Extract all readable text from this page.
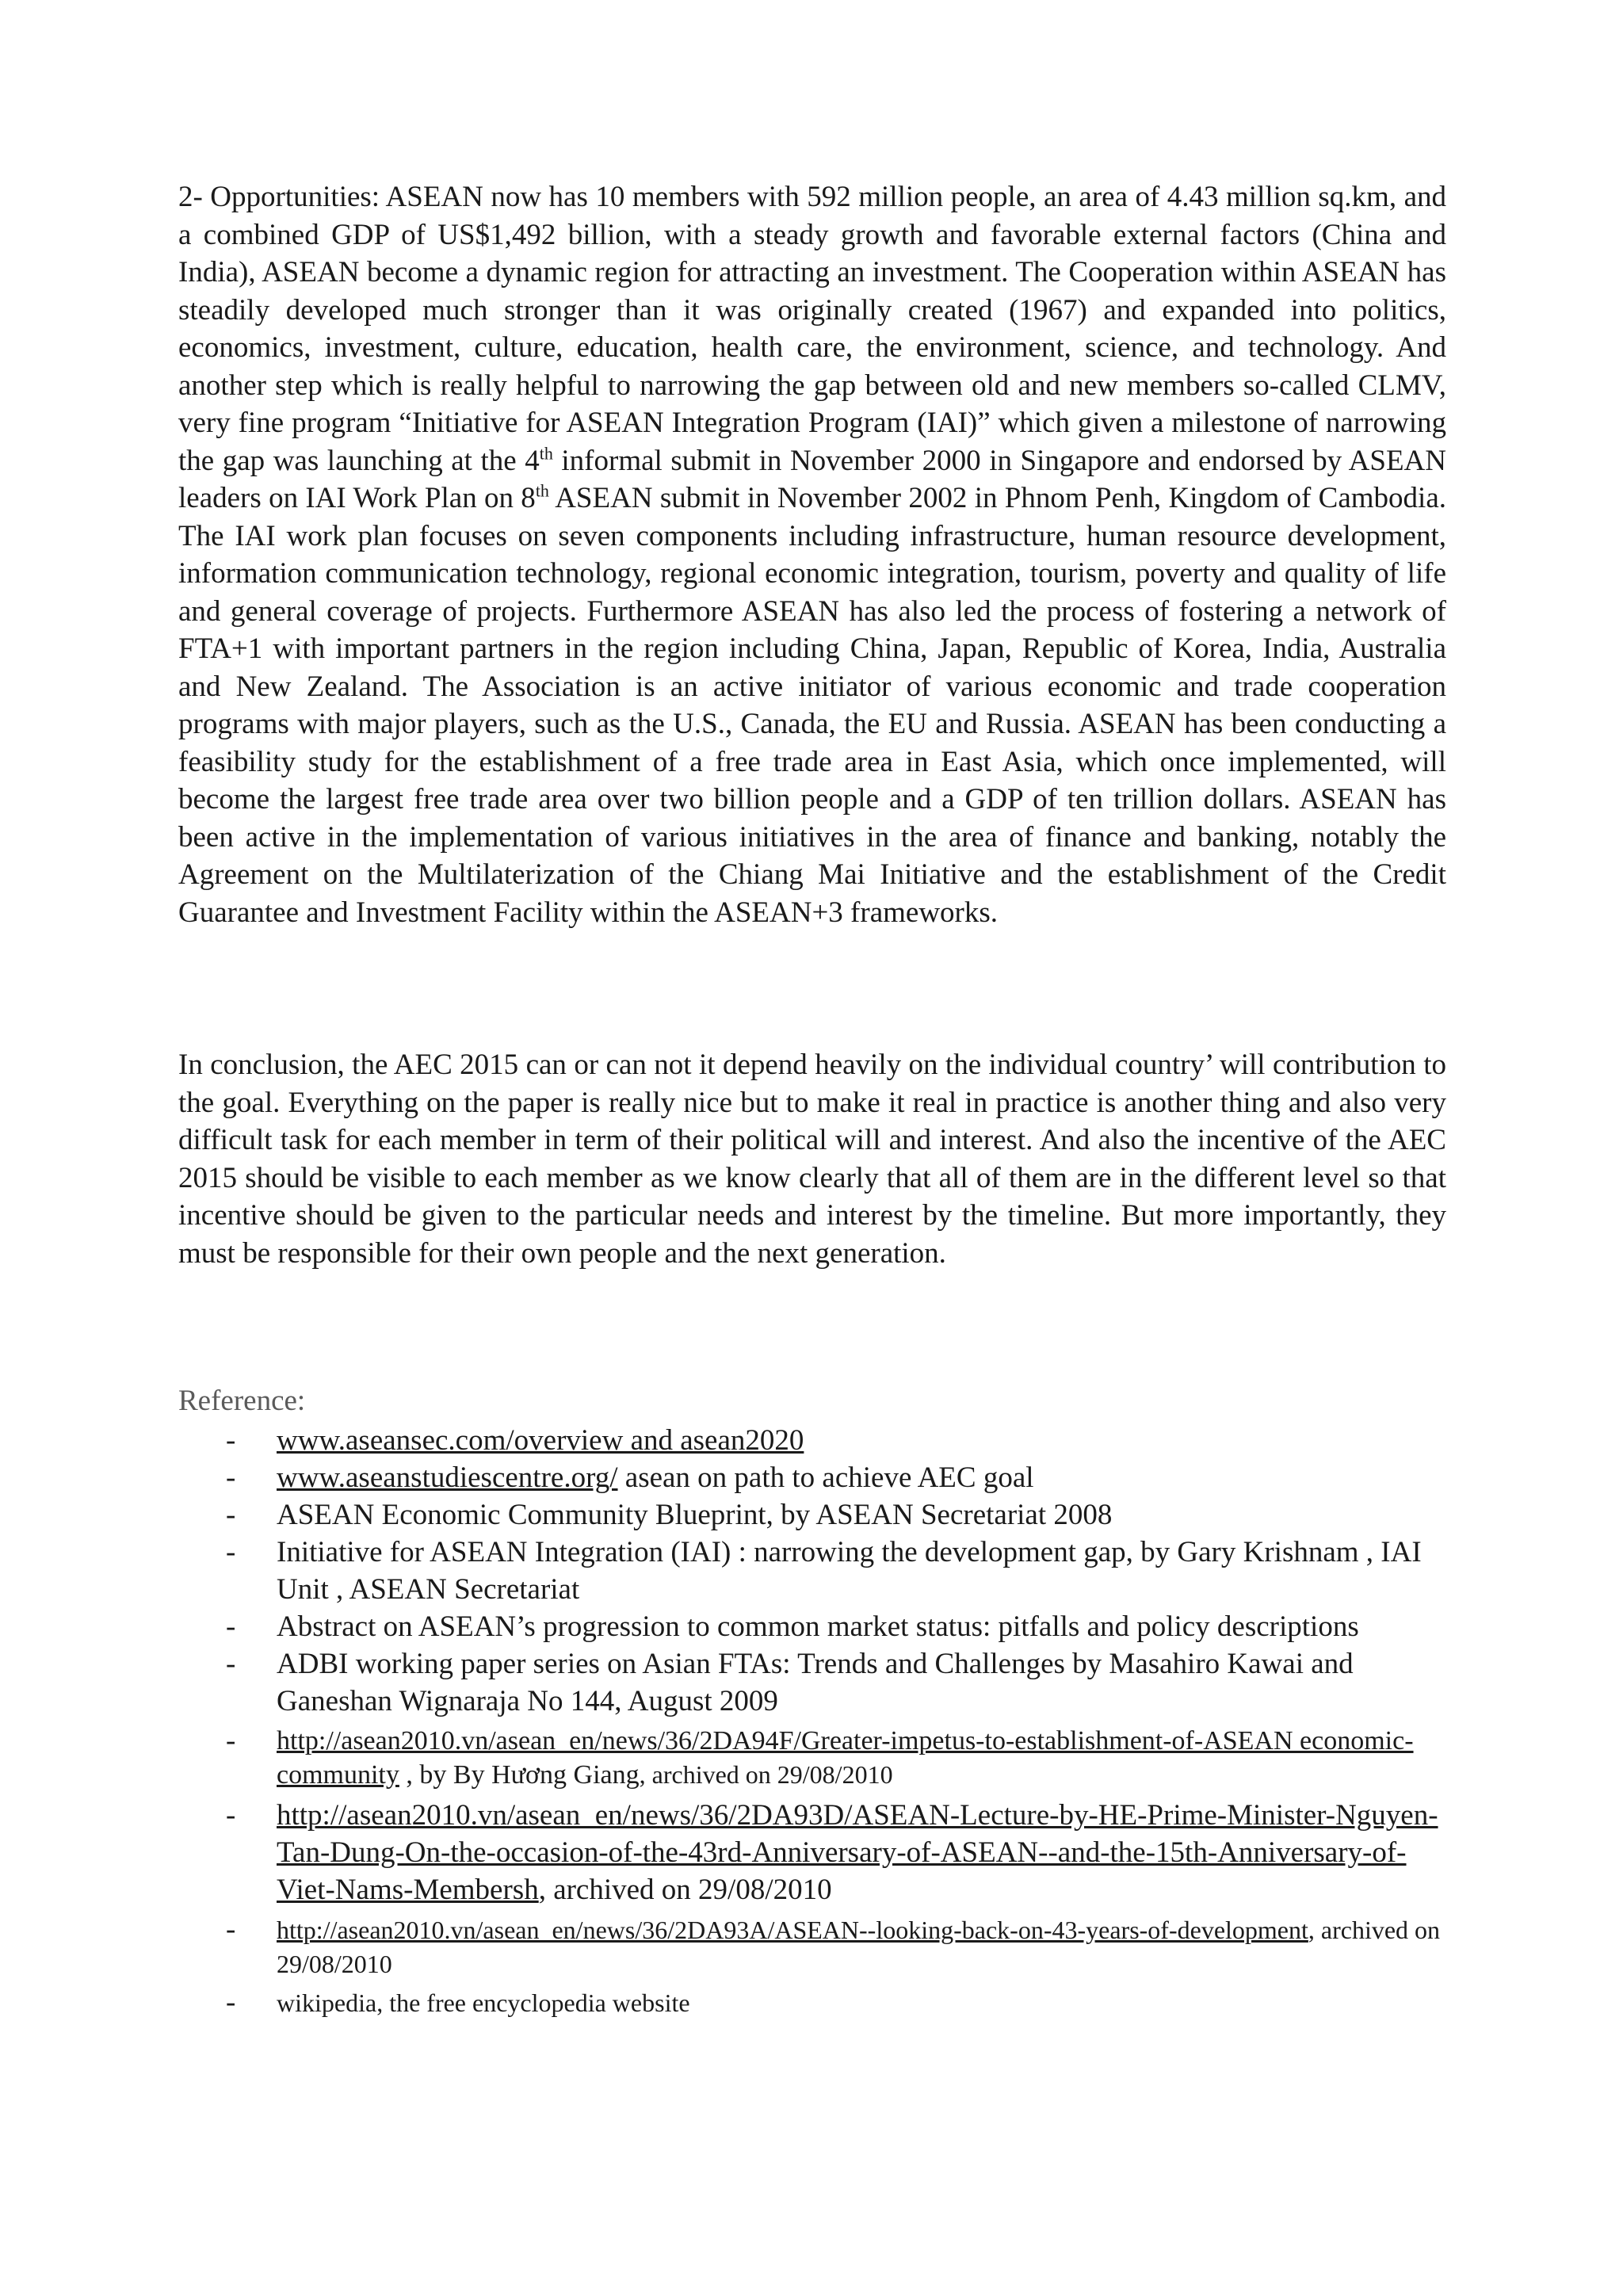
2- Opportunities: ASEAN now has 10 members with 592 million people, an area of 4.43 million sq.km, and a combined GDP of US$1,492 billion, with a steady growth and favorable external factors (China and India), ASEAN become a dynamic region for attracting an investment. The Cooperation within ASEAN has steadily developed much stronger than it was originally created (1967) and expanded into politics, economics, investment, culture, education, health care, the environment, science, and technology. And another step which is really helpful to narrowing the gap between old and new members so-called CLMV, very fine program “Initiative for ASEAN Integration Program (IAI)” which given a milestone of narrowing the gap was launching at the 4th informal submit in November 2000 in Singapore and endorsed by ASEAN leaders on IAI Work Plan on 8th ASEAN submit in November 2002 in Phnom Penh, Kingdom of Cambodia. The IAI work plan focuses on seven components including infrastructure, human resource development, information communication technology, regional economic integration, tourism, poverty and quality of life and general coverage of projects. Furthermore ASEAN has also led the process of fostering a network of FTA+1 with important partners in the region including China, Japan, Republic of Korea, India, Australia and New Zealand. The Association is an active initiator of various economic and trade cooperation programs with major players, such as the U.S., Canada, the EU and Russia. ASEAN has been conducting a feasibility study for the establishment of a free trade area in East Asia, which once implemented, will become the largest free trade area over two billion people and a GDP of ten trillion dollars. ASEAN has been active in the implementation of various initiatives in the area of finance and banking, notably the Agreement on the Multilaterization of the Chiang Mai Initiative and the establishment of the Credit Guarantee and Investment Facility within the ASEAN+3 frameworks.

In conclusion, the AEC 2015 can or can not it depend heavily on the individual country’ will contribution to the goal. Everything on the paper is really nice but to make it real in practice is another thing and also very difficult task for each member in term of their political will and interest. And also the incentive of the AEC 2015 should be visible to each member as we know clearly that all of them are in the different level so that incentive should be given to the particular needs and interest by the timeline. But more importantly, they must be responsible for their own people and the next generation.

Reference:

- www.aseansec.com/overview and asean2020
- www.aseanstudiescentre.org/ asean on path to achieve AEC goal
- ASEAN Economic Community Blueprint, by ASEAN Secretariat 2008
- Initiative for ASEAN Integration (IAI) : narrowing the development gap, by Gary Krishnam , IAI Unit , ASEAN Secretariat
- Abstract on ASEAN’s progression to common market status: pitfalls and policy descriptions
- ADBI working paper series on Asian FTAs: Trends and Challenges by Masahiro Kawai and Ganeshan Wignaraja No 144, August 2009
- http://asean2010.vn/asean_en/news/36/2DA94F/Greater-impetus-to-establishment-of-ASEAN economic-community , by By Hương Giang, archived on 29/08/2010
- http://asean2010.vn/asean_en/news/36/2DA93D/ASEAN-Lecture-by-HE-Prime-Minister-Nguyen-Tan-Dung-On-the-occasion-of-the-43rd-Anniversary-of-ASEAN--and-the-15th-Anniversary-of-Viet-Nams-Membersh, archived on 29/08/2010
- http://asean2010.vn/asean_en/news/36/2DA93A/ASEAN--looking-back-on-43-years-of-development, archived on 29/08/2010
- wikipedia, the free encyclopedia website
